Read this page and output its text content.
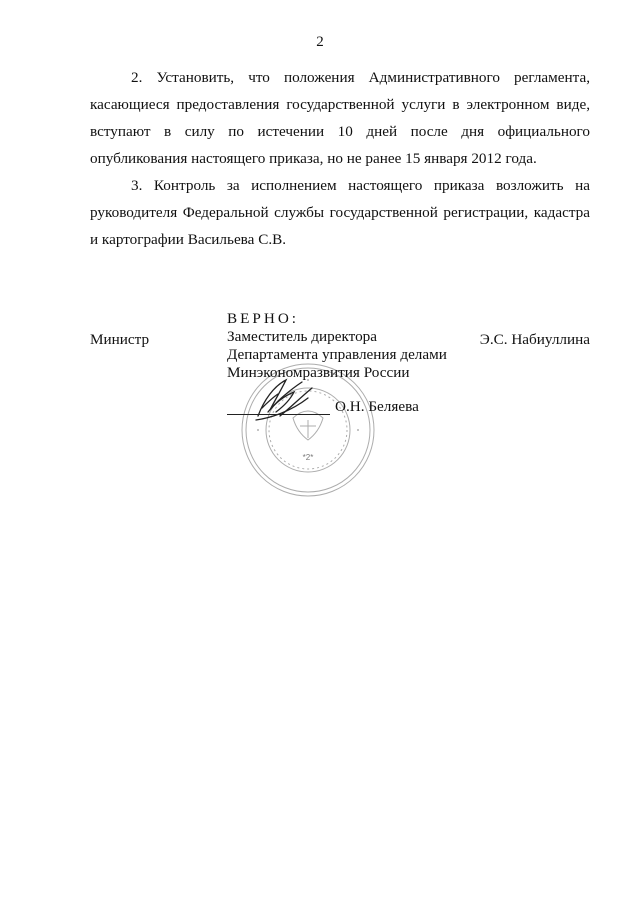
2

2. Установить, что положения Административного регламента, касающиеся предоставления государственной услуги в электронном виде, вступают в силу по истечении 10 дней после дня официального опубликования настоящего приказа, но не ранее 15 января 2012 года.

3. Контроль за исполнением настоящего приказа возложить на руководителя Федеральной службы государственной регистрации, кадастра и картографии Васильева С.В.

*2*
Министр	Э.С. Набиуллина
ВЕРНО:
Заместитель директора
Департамента управления делами
Минэкономразвития России
О.Н. Беляева
